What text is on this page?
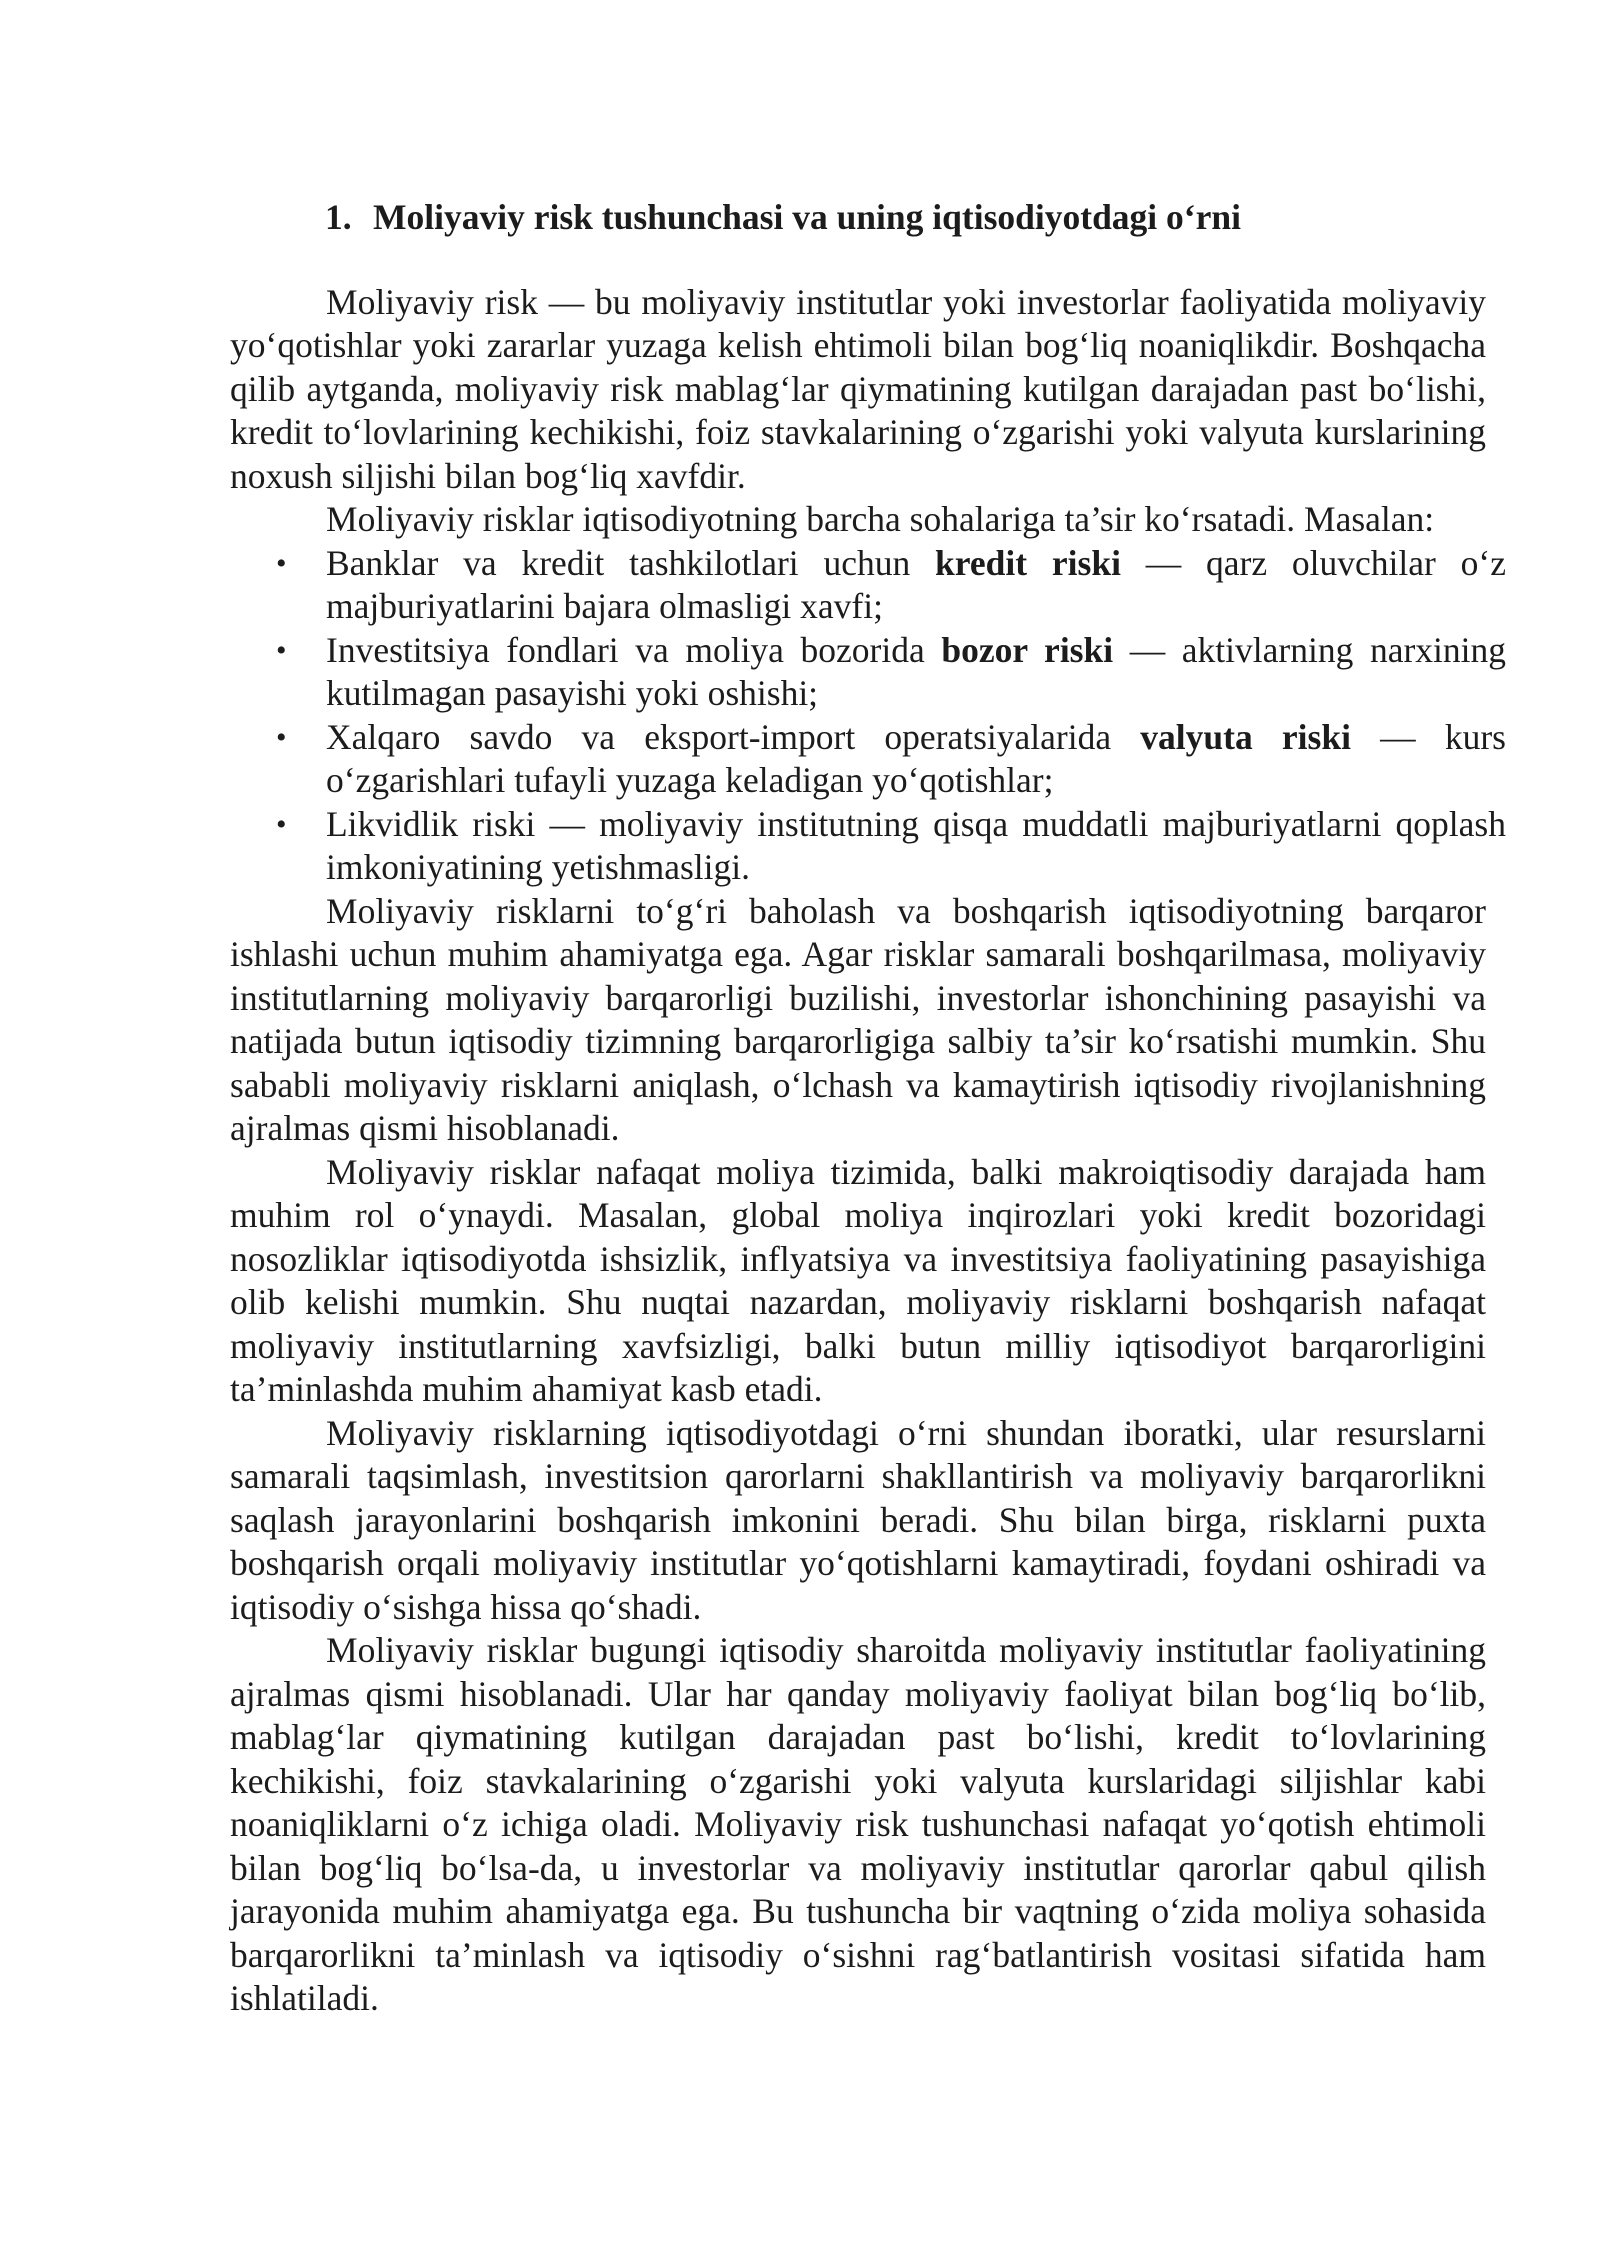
1. Moliyaviy risk tushunchasi va uning iqtisodiyotdagi o‘rni

Moliyaviy risk — bu moliyaviy institutlar yoki investorlar faoliyatida moliyaviy yo‘qotishlar yoki zararlar yuzaga kelish ehtimoli bilan bog‘liq noaniqlikdir. Boshqacha qilib aytganda, moliyaviy risk mablag‘lar qiymatining kutilgan darajadan past bo‘lishi, kredit to‘lovlarining kechikishi, foiz stavkalarining o‘zgarishi yoki valyuta kurslarining noxush siljishi bilan bog‘liq xavfdir.

Moliyaviy risklar iqtisodiyotning barcha sohalariga ta’sir ko‘rsatadi. Masalan:

• Banklar va kredit tashkilotlari uchun kredit riski — qarz oluvchilar o‘z majburiyatlarini bajara olmasligi xavfi;
• Investitsiya fondlari va moliya bozorida bozor riski — aktivlarning narxining kutilmagan pasayishi yoki oshishi;
• Xalqaro savdo va eksport-import operatsiyalarida valyuta riski — kurs o‘zgarishlari tufayli yuzaga keladigan yo‘qotishlar;
• Likvidlik riski — moliyaviy institutning qisqa muddatli majburiyatlarni qoplash imkoniyatining yetishmasligi.

Moliyaviy risklarni to‘g‘ri baholash va boshqarish iqtisodiyotning barqaror ishlashi uchun muhim ahamiyatga ega. Agar risklar samarali boshqarilmasa, moliyaviy institutlarning moliyaviy barqarorligi buzilishi, investorlar ishonchining pasayishi va natijada butun iqtisodiy tizimning barqarorligiga salbiy ta’sir ko‘rsatishi mumkin. Shu sababli moliyaviy risklarni aniqlash, o‘lchash va kamaytirish iqtisodiy rivojlanishning ajralmas qismi hisoblanadi.

Moliyaviy risklar nafaqat moliya tizimida, balki makroiqtisodiy darajada ham muhim rol o‘ynaydi. Masalan, global moliya inqirozlari yoki kredit bozoridagi nosozliklar iqtisodiyotda ishsizlik, inflyatsiya va investitsiya faoliyatining pasayishiga olib kelishi mumkin. Shu nuqtai nazardan, moliyaviy risklarni boshqarish nafaqat moliyaviy institutlarning xavfsizligi, balki butun milliy iqtisodiyot barqarorligini ta’minlashda muhim ahamiyat kasb etadi.

Moliyaviy risklarning iqtisodiyotdagi o‘rni shundan iboratki, ular resurslarni samarali taqsimlash, investitsion qarorlarni shakllantirish va moliyaviy barqarorlikni saqlash jarayonlarini boshqarish imkonini beradi. Shu bilan birga, risklarni puxta boshqarish orqali moliyaviy institutlar yo‘qotishlarni kamaytiradi, foydani oshiradi va iqtisodiy o‘sishga hissa qo‘shadi.

Moliyaviy risklar bugungi iqtisodiy sharoitda moliyaviy institutlar faoliyatining ajralmas qismi hisoblanadi. Ular har qanday moliyaviy faoliyat bilan bog‘liq bo‘lib, mablag‘lar qiymatining kutilgan darajadan past bo‘lishi, kredit to‘lovlarining kechikishi, foiz stavkalarining o‘zgarishi yoki valyuta kurslaridagi siljishlar kabi noaniqliklarni o‘z ichiga oladi. Moliyaviy risk tushunchasi nafaqat yo‘qotish ehtimoli bilan bog‘liq bo‘lsa-da, u investorlar va moliyaviy institutlar qarorlar qabul qilish jarayonida muhim ahamiyatga ega. Bu tushuncha bir vaqtning o‘zida moliya sohasida barqarorlikni ta’minlash va iqtisodiy o‘sishni rag‘batlantirish vositasi sifatida ham ishlatiladi.
